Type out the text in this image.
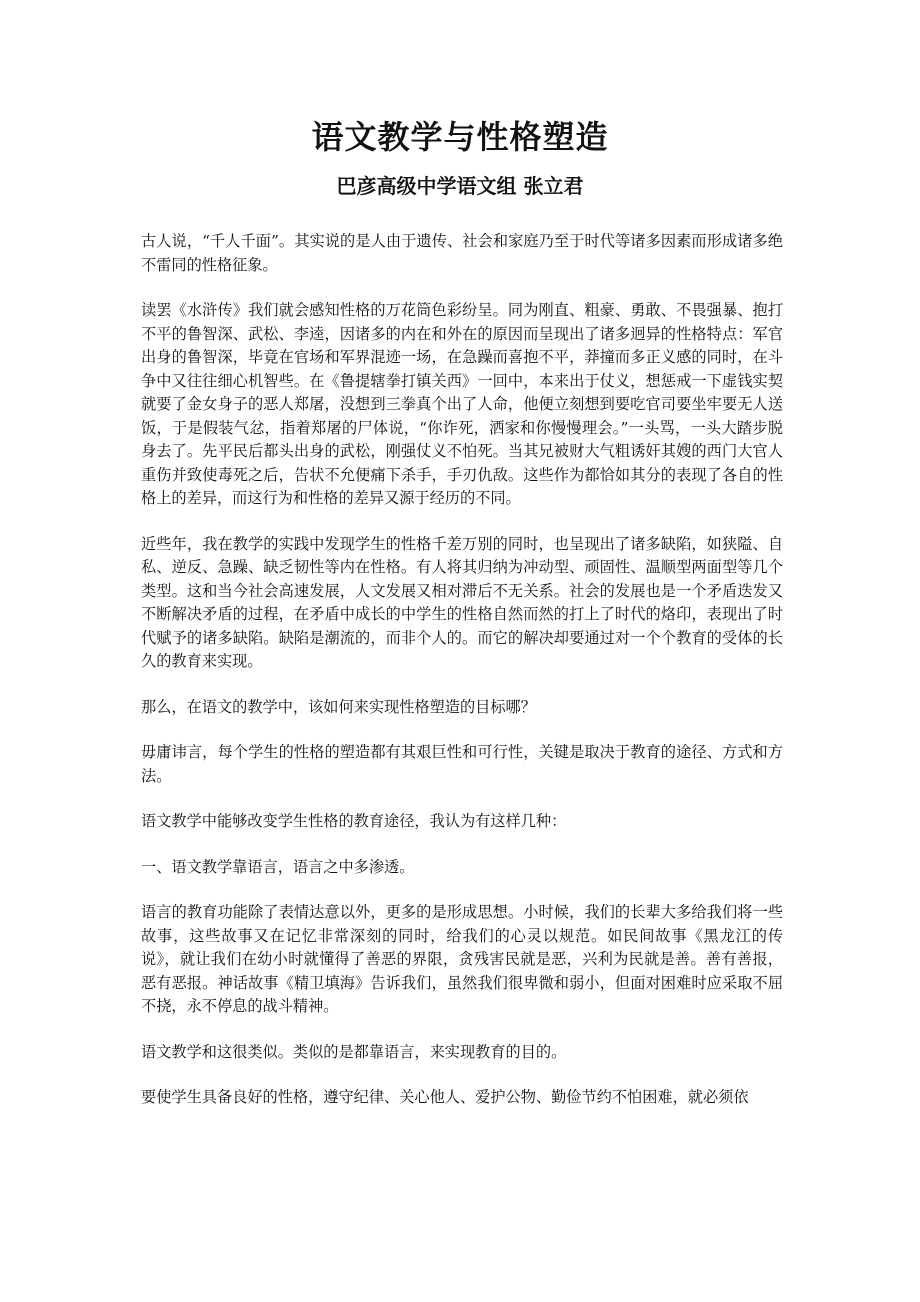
语文教学与性格塑造
巴彦高级中学语文组 张立君

古人说，“千人千面”。其实说的是人由于遗传、社会和家庭乃至于时代等诸多因素而形成诸多绝不雷同的性格征象。

读罢《水浒传》我们就会感知性格的万花筒色彩纷呈。同为刚直、粗豪、勇敢、不畏强暴、抱打不平的鲁智深、武松、李逵，因诸多的内在和外在的原因而呈现出了诸多迥异的性格特点：军官出身的鲁智深，毕竟在官场和军界混迹一场，在急躁而喜抱不平，莽撞而多正义感的同时，在斗争中又往往细心机智些。在《鲁提辖拳打镇关西》一回中，本来出于仗义，想惩戒一下虚钱实契就要了金女身子的恶人郑屠，没想到三拳真个出了人命，他便立刻想到要吃官司要坐牢要无人送饭，于是假装气忿，指着郑屠的尸体说，“你诈死，洒家和你慢慢理会。”一头骂，一头大踏步脱身去了。先平民后都头出身的武松，刚强仗义不怕死。当其兄被财大气粗诱奸其嫂的西门大官人重伤并致使毒死之后，告状不允便痛下杀手，手刃仇敌。这些作为都恰如其分的表现了各自的性格上的差异，而这行为和性格的差异又源于经历的不同。

近些年，我在教学的实践中发现学生的性格千差万别的同时，也呈现出了诸多缺陷，如狭隘、自私、逆反、急躁、缺乏韧性等内在性格。有人将其归纳为冲动型、顽固性、温顺型两面型等几个类型。这和当今社会高速发展，人文发展又相对滞后不无关系。社会的发展也是一个矛盾迭发又不断解决矛盾的过程，在矛盾中成长的中学生的性格自然而然的打上了时代的烙印，表现出了时代赋予的诸多缺陷。缺陷是潮流的，而非个人的。而它的解决却要通过对一个个教育的受体的长久的教育来实现。

那么，在语文的教学中，该如何来实现性格塑造的目标哪？

毋庸讳言，每个学生的性格的塑造都有其艰巨性和可行性，关键是取决于教育的途径、方式和方法。

语文教学中能够改变学生性格的教育途径，我认为有这样几种：

一、语文教学靠语言，语言之中多渗透。

语言的教育功能除了表情达意以外，更多的是形成思想。小时候，我们的长辈大多给我们将一些故事，这些故事又在记忆非常深刻的同时，给我们的心灵以规范。如民间故事《黑龙江的传说》，就让我们在幼小时就懂得了善恶的界限，贪残害民就是恶，兴利为民就是善。善有善报，恶有恶报。神话故事《精卫填海》告诉我们，虽然我们很卑微和弱小，但面对困难时应采取不屈不挠，永不停息的战斗精神。

语文教学和这很类似。类似的是都靠语言，来实现教育的目的。

要使学生具备良好的性格，遵守纪律、关心他人、爱护公物、勤俭节约不怕困难，就必须依
